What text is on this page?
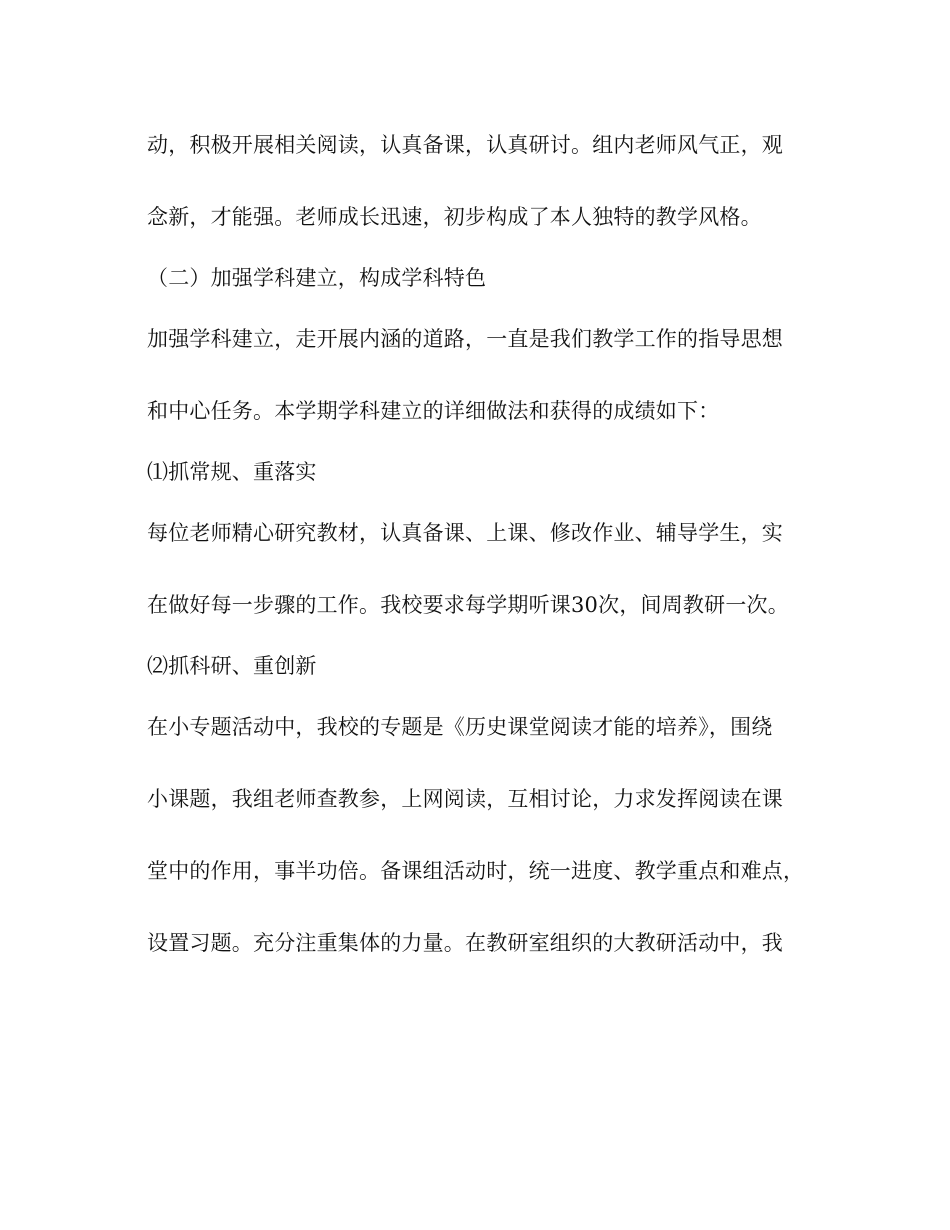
动，积极开展相关阅读，认真备课，认真研讨。组内老师风气正，观
念新，才能强。老师成长迅速，初步构成了本人独特的教学风格。
（二）加强学科建立，构成学科特色
加强学科建立，走开展内涵的道路，一直是我们教学工作的指导思想
和中心任务。本学期学科建立的详细做法和获得的成绩如下：
⑴抓常规、重落实
每位老师精心研究教材，认真备课、上课、修改作业、辅导学生，实
在做好每一步骤的工作。我校要求每学期听课30次，间周教研一次。
⑵抓科研、重创新
在小专题活动中，我校的专题是《历史课堂阅读才能的培养》，围绕
小课题，我组老师查教参，上网阅读，互相讨论，力求发挥阅读在课
堂中的作用，事半功倍。备课组活动时，统一进度、教学重点和难点，
设置习题。充分注重集体的力量。在教研室组织的大教研活动中，我
